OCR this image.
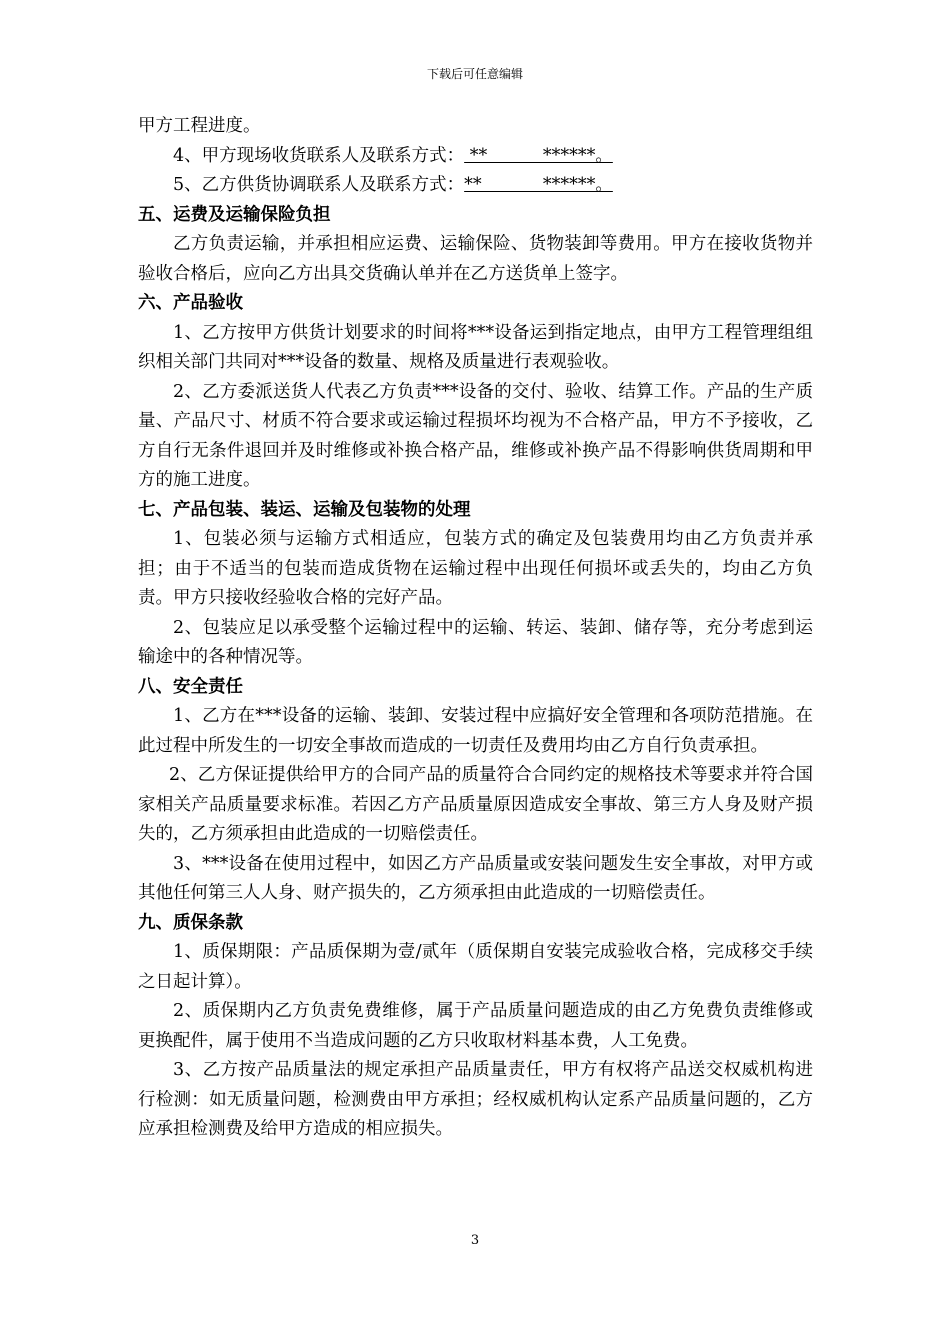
下载后可任意编辑

甲方工程进度。

4、甲方现场收货联系人及联系方式： **          ******。

5、乙方供货协调联系人及联系方式：**           ******。

五、运费及运输保险负担

乙方负责运输，并承担相应运费、运输保险、货物装卸等费用。甲方在接收货物并验收合格后，应向乙方出具交货确认单并在乙方送货单上签字。

六、产品验收

1、乙方按甲方供货计划要求的时间将***设备运到指定地点，由甲方工程管理组组织相关部门共同对***设备的数量、规格及质量进行表观验收。

2、乙方委派送货人代表乙方负责***设备的交付、验收、结算工作。产品的生产质量、产品尺寸、材质不符合要求或运输过程损坏均视为不合格产品，甲方不予接收，乙方自行无条件退回并及时维修或补换合格产品，维修或补换产品不得影响供货周期和甲方的施工进度。

七、产品包装、装运、运输及包装物的处理

1、包装必须与运输方式相适应，包装方式的确定及包装费用均由乙方负责并承担；由于不适当的包装而造成货物在运输过程中出现任何损坏或丢失的，均由乙方负责。甲方只接收经验收合格的完好产品。

2、包装应足以承受整个运输过程中的运输、转运、装卸、储存等，充分考虑到运输途中的各种情况等。

八、安全责任

1、乙方在***设备的运输、装卸、安装过程中应搞好安全管理和各项防范措施。在此过程中所发生的一切安全事故而造成的一切责任及费用均由乙方自行负责承担。

2、乙方保证提供给甲方的合同产品的质量符合合同约定的规格技术等要求并符合国家相关产品质量要求标准。若因乙方产品质量原因造成安全事故、第三方人身及财产损失的，乙方须承担由此造成的一切赔偿责任。

3、***设备在使用过程中，如因乙方产品质量或安装问题发生安全事故，对甲方或其他任何第三人人身、财产损失的，乙方须承担由此造成的一切赔偿责任。

九、质保条款

1、质保期限：产品质保期为壹/贰年（质保期自安装完成验收合格，完成移交手续之日起计算）。

2、质保期内乙方负责免费维修，属于产品质量问题造成的由乙方免费负责维修或更换配件，属于使用不当造成问题的乙方只收取材料基本费，人工免费。

3、乙方按产品质量法的规定承担产品质量责任，甲方有权将产品送交权威机构进行检测：如无质量问题，检测费由甲方承担；经权威机构认定系产品质量问题的，乙方应承担检测费及给甲方造成的相应损失。

3
